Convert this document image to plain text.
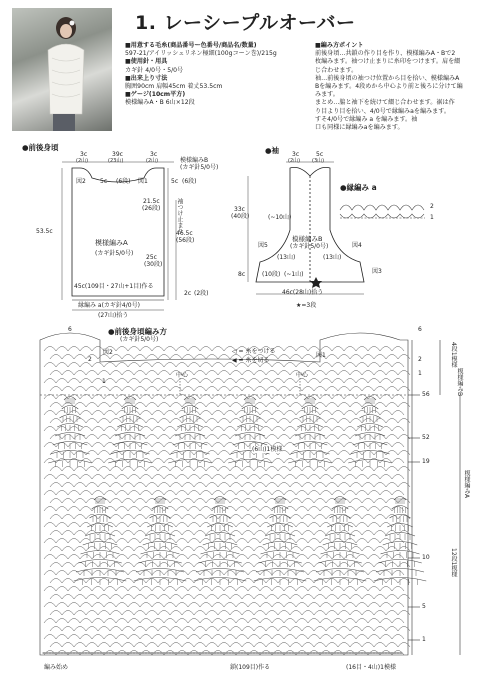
1. レーシープルオーバー
■用意する毛糸(商品番号ー色番号/商品名/数量)
597-21/アイリッシュリネン極細(100gコーン巻)/215g
■使用針・用具
カギ針 4/0号・5/0号
■出来上り寸法
胸囲90cm 肩幅45cm 着丈53.5cm
■ゲージ(10cm平方)
模様編みA・B 6山×12段
■編み方ポイント
前後身頃…共鎖の作り目を作り、模様編みA・Bで2
枚編みます。袖つけ止まりに糸印をつけます。肩を綴
じ合わせます。
袖…前後身頃の袖つけ位置から目を拾い、模様編みA
Bを編みます。4段めから中心より前と後ろに分けて編
みます。
まとめ…脇と袖下を続けて綴じ合わせます。裾は作
り目より目を拾い、4/0号で縁編みaを編みます。
すそ4/0号で縁編み a を編みます。袖
口も同様に縁編みaを編みます。
●前後身頃
3c
(2山)
39c
(23山)
3c
(2山)
図2	図1
5c (6段)
模様編みB
(カギ針5/0号)
5c (6段)
袖つけ止まり
21.5c
(26段)
46.5c
(56段)
25c
(30段)
2c (2段)
53.5c
模様編みA
(カギ針5/0号)
45c(109目・27山+1目)作る
縁編み a(カギ針4/0号)
(27山)拾う
●袖 3c
(2山)
5c
(3山)
(~10山)
図5	図4
図3
模様編みB
(カギ針5/0号)
(13山)	(13山)
(10段) (~1山)
33c
(40段)
8c
46c(28山)拾う
★=3段
●縁編み a
2
1
●前後身頃編み方
(カギ針5/0号)
図2	図1
中心	中心
◁ = 糸をつける
◀ = 糸を切る
(6山)1模様
4段1模様
模様編みB
模様編みA
12段1模様
6
2
1
56
52
19
10
5
1
6
2
1
編み始め	鎖(109目)作る	(16目・4山)1模様
